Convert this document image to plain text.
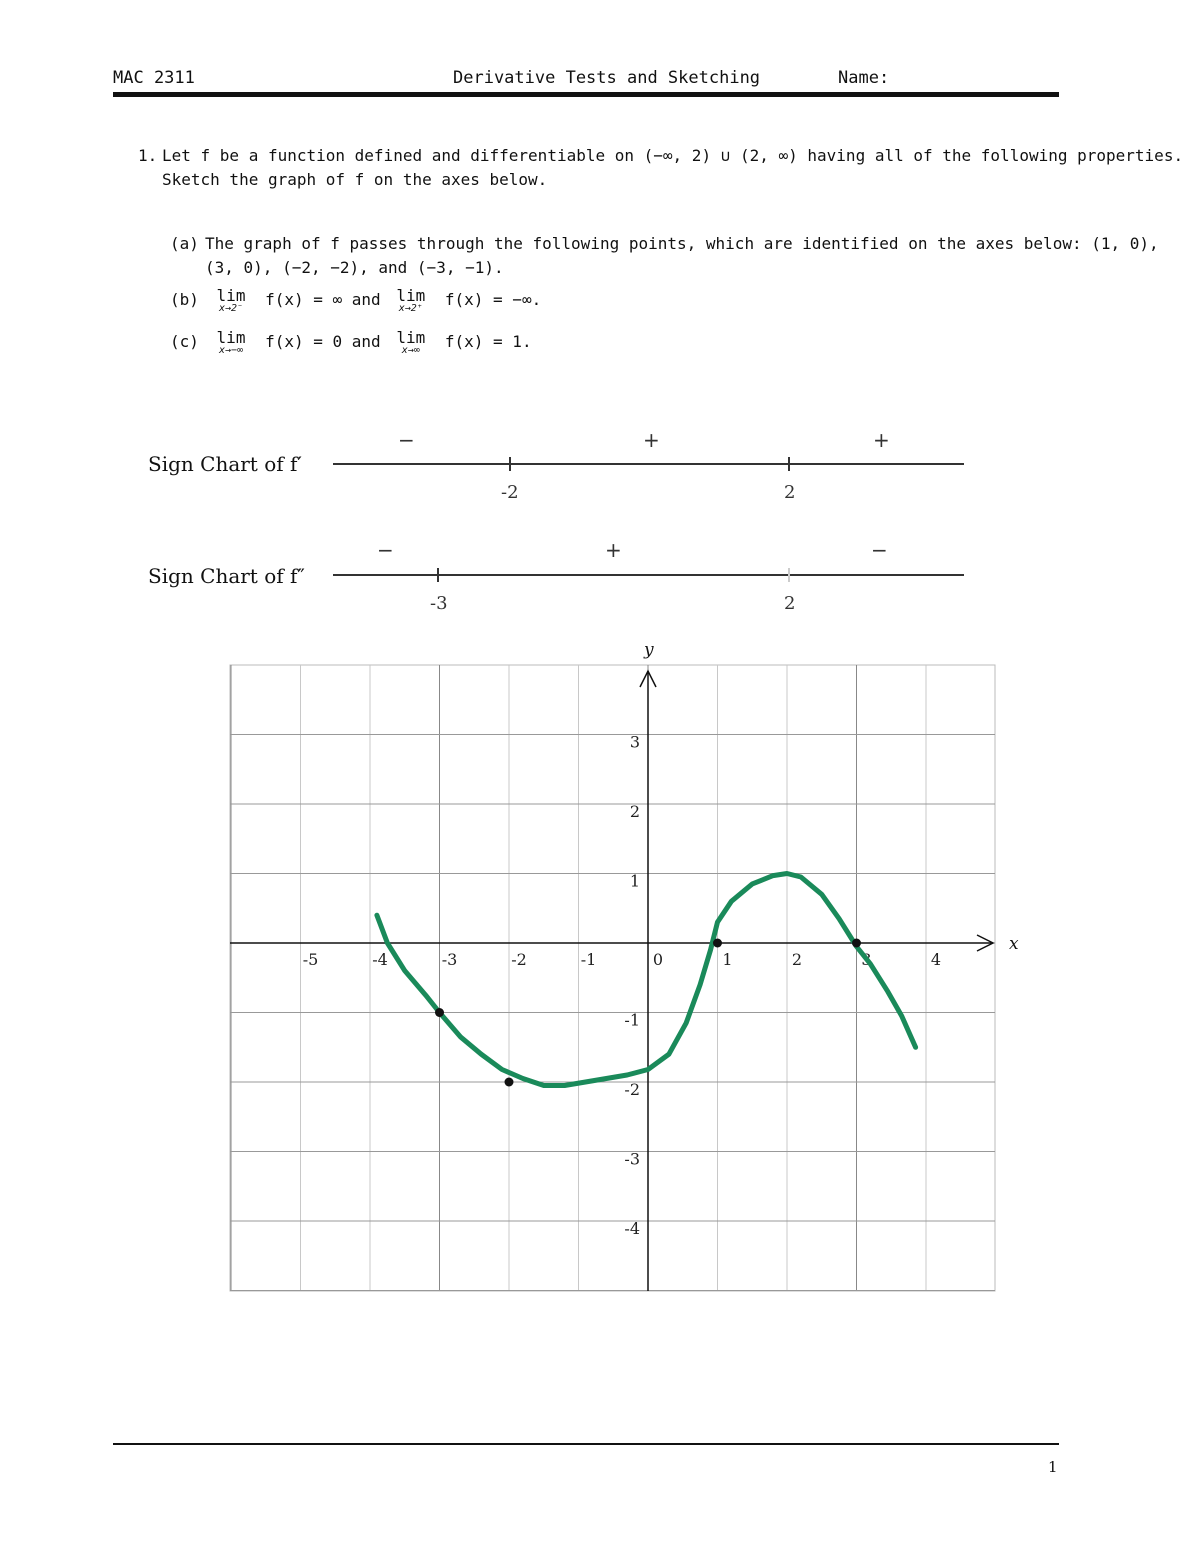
MAC 2311	Derivative Tests and Sketching	Name:
1. Let f be a function defined and differentiable on (−∞, 2) ∪ (2, ∞) having all of the following properties.
Sketch the graph of f on the axes below.
(a) The graph of f passes through the following points, which are identified on the axes below: (1, 0),
(3, 0), (−2, −2), and (−3, −1).
(b) lim
x→2⁻ f(x) = ∞ and lim
x→2⁺ f(x) = −∞.
(c) lim
x→−∞ f(x) = 0 and lim
x→∞	f(x) = 1.
Sign Chart of f′
−	+	+
-2	2
Sign Chart of f″
−	+	−
-3	2
x
y
-5	-4	-3	-2	-1	0	1	2	3	4
3
2
1
-1
-2
-3
-4
1
